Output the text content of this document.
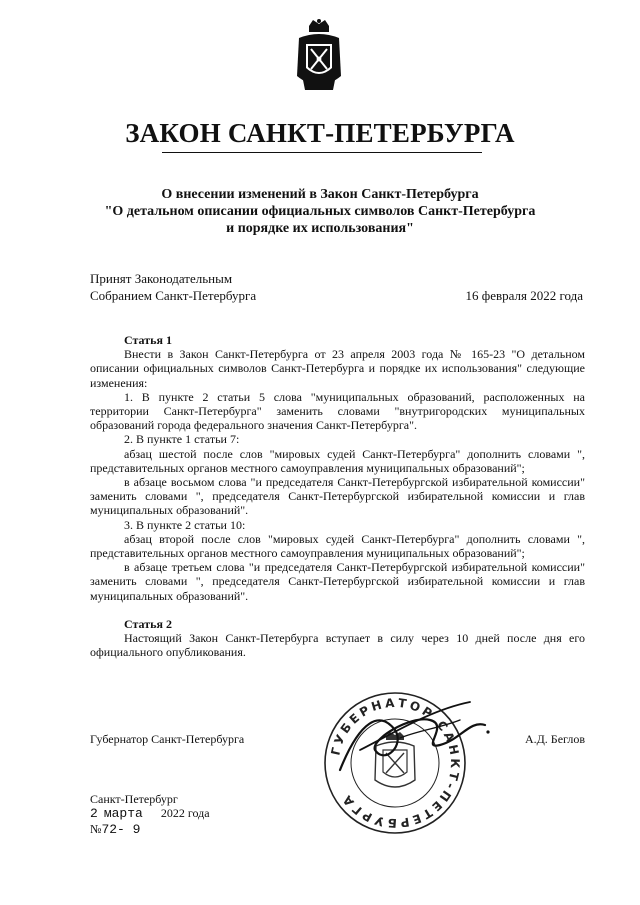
ЗАКОН САНКТ-ПЕТЕРБУРГА
О внесении изменений в Закон Санкт-Петербурга
"О детальном описании официальных символов Санкт-Петербурга
и порядке их использования"
Принят Законодательным
Собранием Санкт-Петербурга	16 февраля 2022 года
Статья 1

Внести в Закон Санкт-Петербурга от 23 апреля 2003 года № 165-23 "О детальном описании официальных символов Санкт-Петербурга и порядке их использования" следующие изменения:

1. В пункте 2 статьи 5 слова "муниципальных образований, расположенных на территории Санкт-Петербурга" заменить словами "внутригородских муниципальных образований города федерального значения Санкт-Петербурга".

2. В пункте 1 статьи 7:

абзац шестой после слов "мировых судей Санкт-Петербурга" дополнить словами ", представительных органов местного самоуправления муниципальных образований";

в абзаце восьмом слова "и председателя Санкт-Петербургской избирательной комиссии" заменить словами ", председателя Санкт-Петербургской избирательной комиссии и глав муниципальных образований".

3. В пункте 2 статьи 10:

абзац второй после слов "мировых судей Санкт-Петербурга" дополнить словами ", представительных органов местного самоуправления муниципальных образований";

в абзаце третьем слова "и председателя Санкт-Петербургской избирательной комиссии" заменить словами ", председателя Санкт-Петербургской избирательной комиссии и глав муниципальных образований".

Статья 2

Настоящий Закон Санкт-Петербурга вступает в силу через 10 дней после дня его официального опубликования.

Губернатор Санкт-Петербурга	А.Д. Беглов
ГУБЕРНАТОР САНКТ-ПЕТЕРБУРГА
Санкт-Петербург
2 марта 2022 года
№72- 9
